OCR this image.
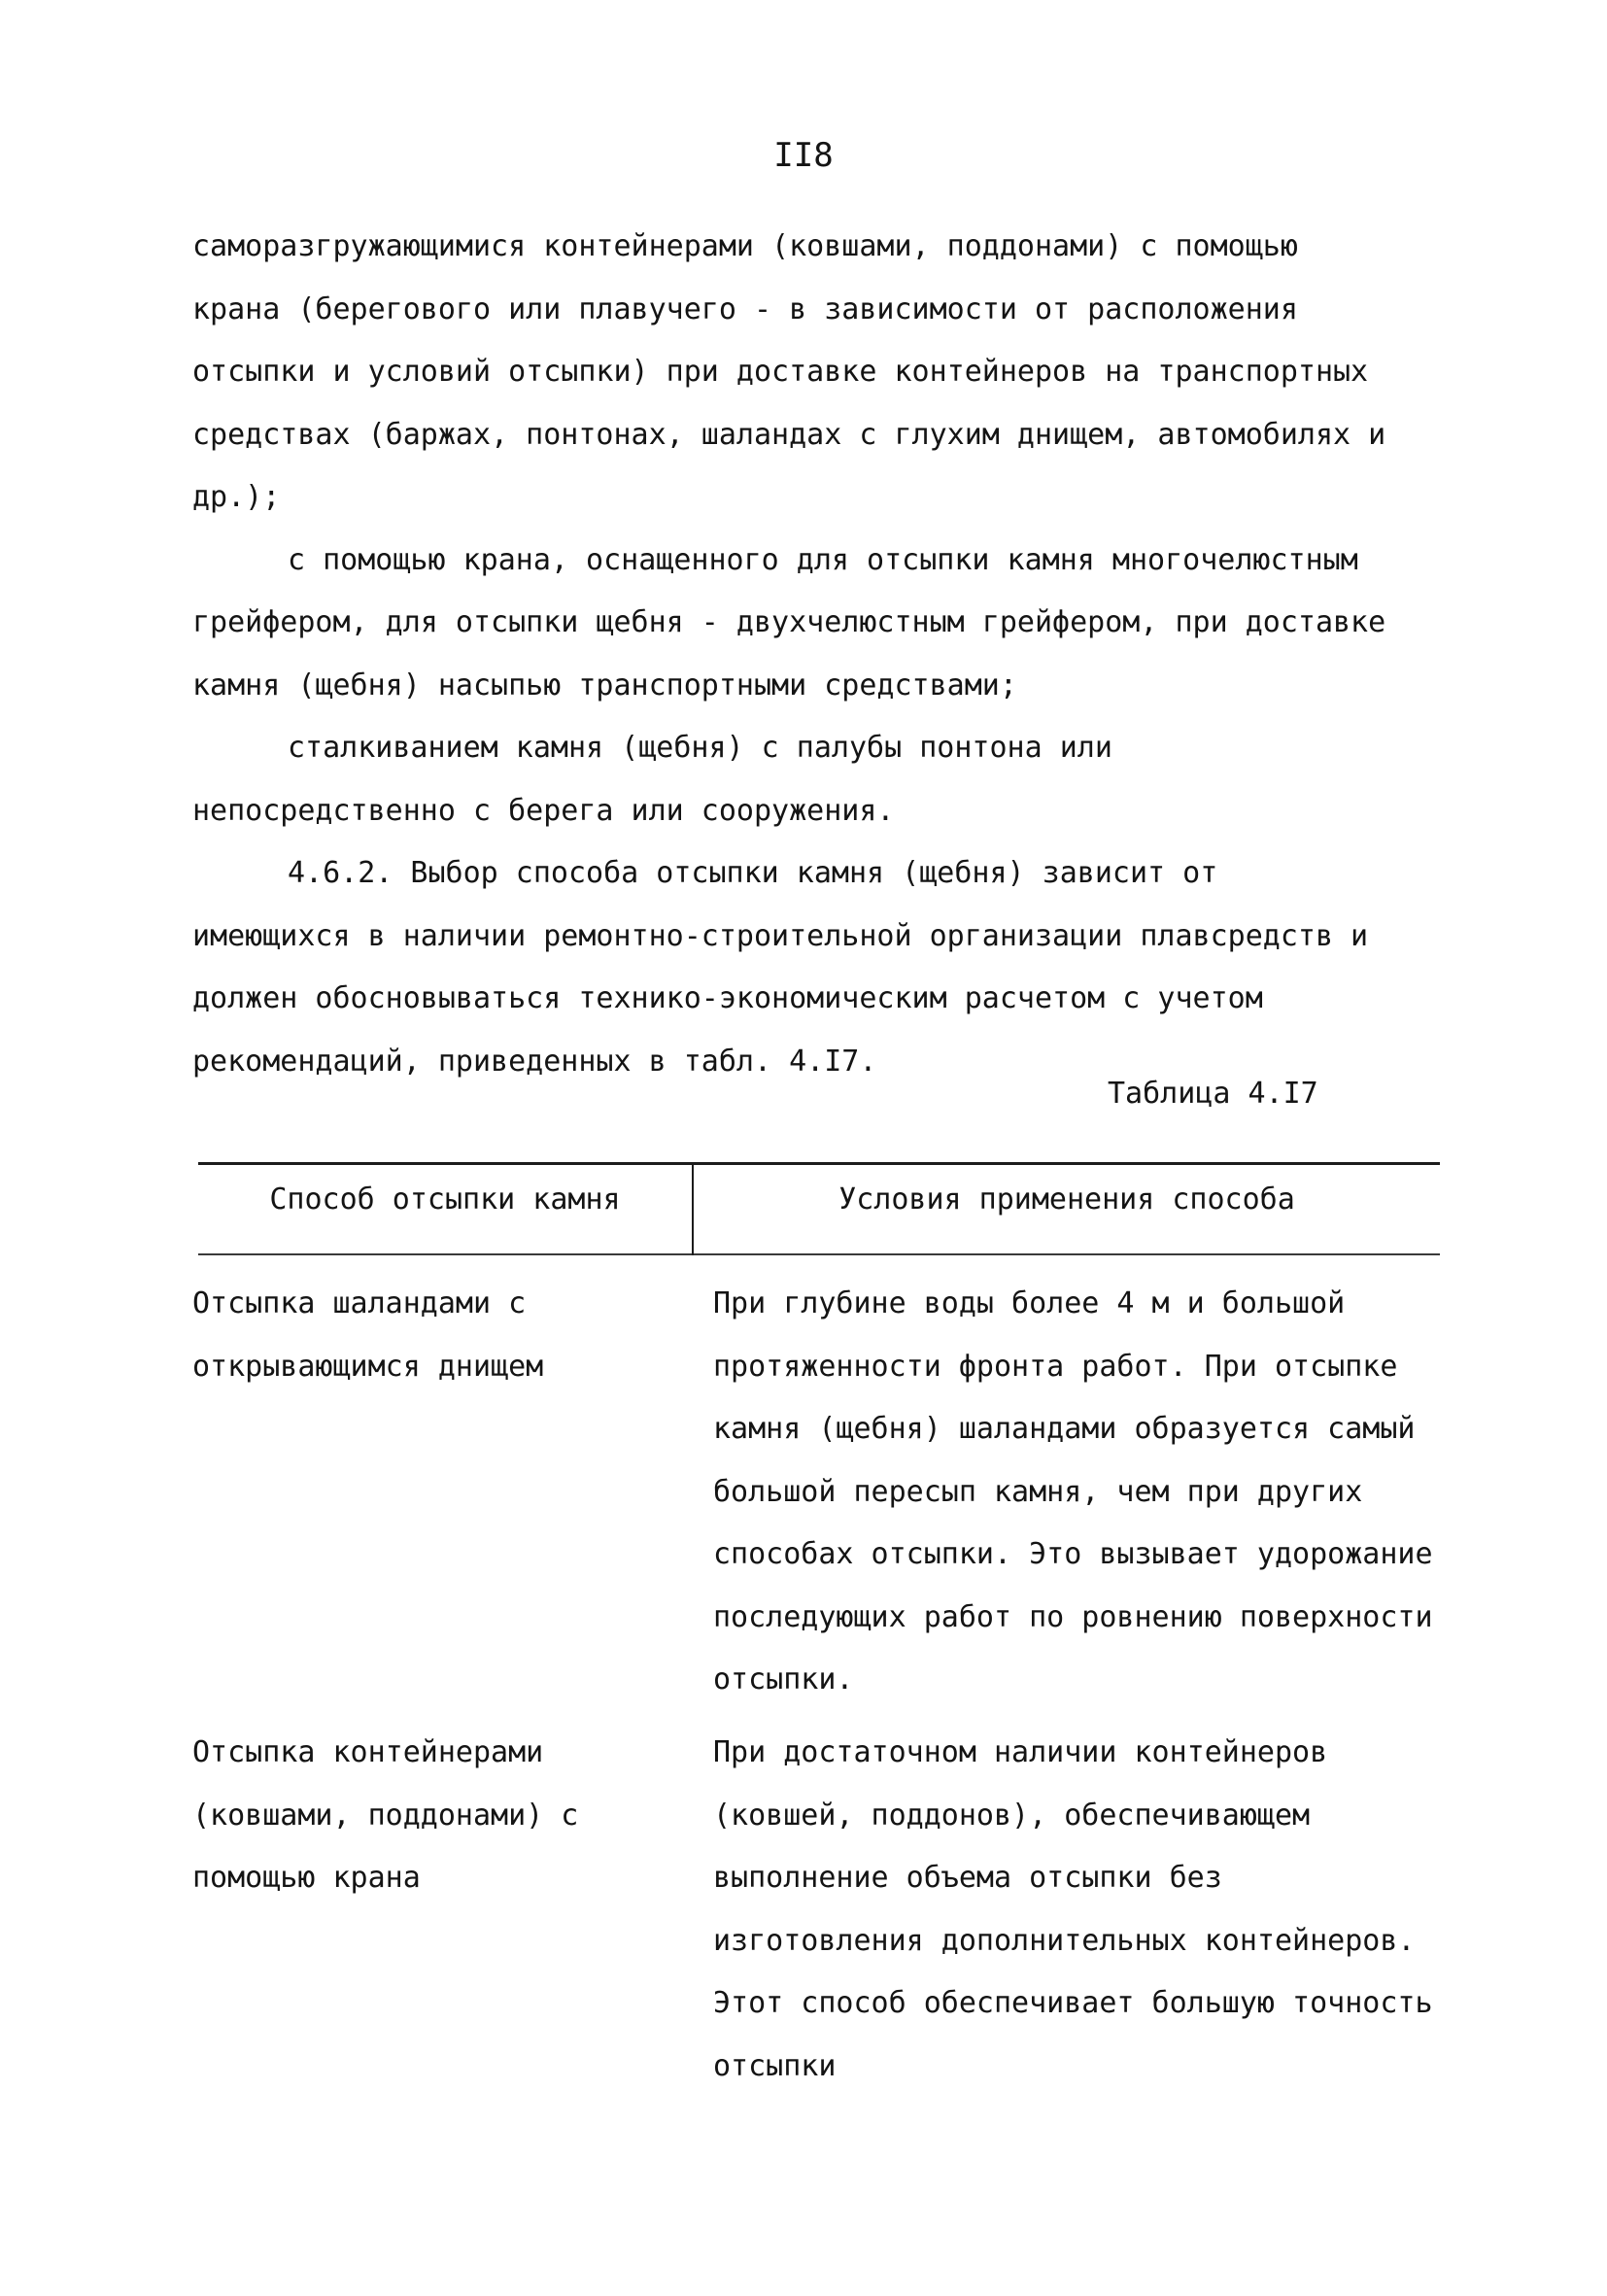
II8

саморазгружающимися контейнерами (ковшами, поддонами) с помощью крана (берегового или плавучего - в зависимости от расположения отсыпки и условий отсыпки) при доставке контейнеров на транспортных средствах (баржах, понтонах, шаландах с глухим днищем, автомобилях и др.);

с помощью крана, оснащенного для отсыпки камня многочелюстным грейфером, для отсыпки щебня - двухчелюстным грейфером, при доставке камня (щебня) насыпью транспортными средствами;

сталкиванием камня (щебня) с палубы понтона или непосредственно с берега или сооружения.

4.6.2. Выбор способа отсыпки камня (щебня) зависит от имеющихся в наличии ремонтно-строительной организации плавсредств и должен обосновываться технико-экономическим расчетом с учетом рекомендаций, приведенных в табл. 4.I7.

Таблица 4.I7
Способ отсыпки камня	Условия применения способа
Отсыпка шаландами с открывающимся днищем
При глубине воды более 4 м и большой протяженности фронта работ. При отсыпке камня (щебня) шаландами образуется самый большой пересып камня, чем при других способах отсыпки. Это вызывает удорожание последующих работ по ровнению поверхности отсыпки.
Отсыпка контейнерами (ковшами, поддонами) с помощью крана
При достаточном наличии контейнеров (ковшей, поддонов), обеспечивающем выполнение объема отсыпки без изготовления дополнительных контейнеров. Этот способ обеспечивает большую точность отсыпки
